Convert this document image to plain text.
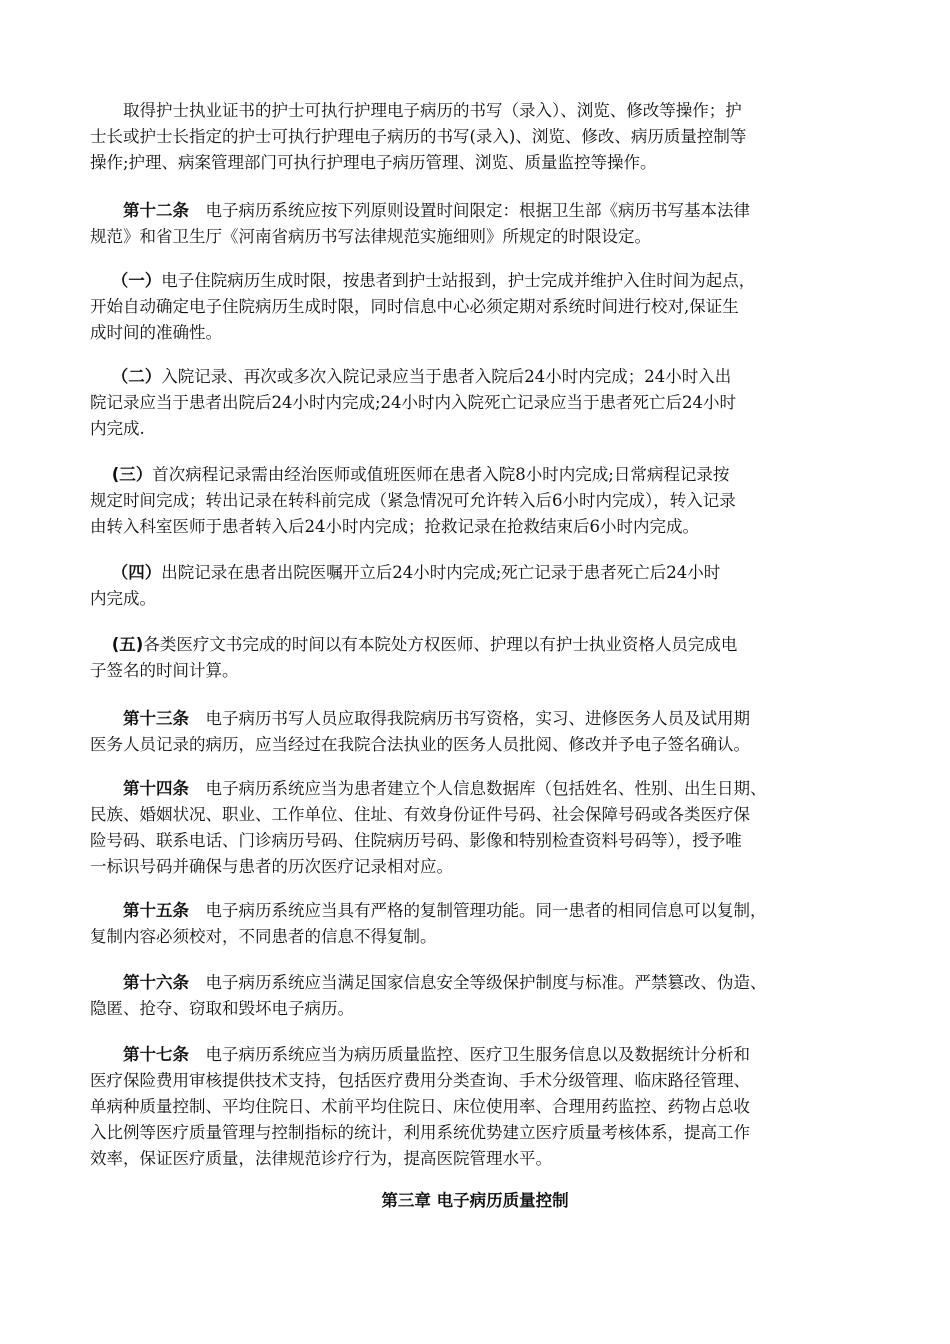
　　取得护士执业证书的护士可执行护理电子病历的书写（录入）、浏览、修改等操作；护
士长或护士长指定的护士可执行护理电子病历的书写(录入)、浏览、修改、病历质量控制等
操作;护理、病案管理部门可执行护理电子病历管理、浏览、质量监控等操作。
　　第十二条　电子病历系统应按下列原则设置时间限定：根据卫生部《病历书写基本法律
规范》和省卫生厅《河南省病历书写法律规范实施细则》所规定的时限设定。
　 （一）电子住院病历生成时限，按患者到护士站报到，护士完成并维护入住时间为起点，
开始自动确定电子住院病历生成时限，同时信息中心必须定期对系统时间进行校对,保证生
成时间的准确性。
　 （二）入院记录、再次或多次入院记录应当于患者入院后24小时内完成；24小时入出
院记录应当于患者出院后24小时内完成;24小时内入院死亡记录应当于患者死亡后24小时
内完成.
　 (三）首次病程记录需由经治医师或值班医师在患者入院8小时内完成;日常病程记录按
规定时间完成；转出记录在转科前完成（紧急情况可允许转入后6小时内完成），转入记录
由转入科室医师于患者转入后24小时内完成；抢救记录在抢救结束后6小时内完成。
　 （四）出院记录在患者出院医嘱开立后24小时内完成;死亡记录于患者死亡后24小时
内完成。
　 (五)各类医疗文书完成的时间以有本院处方权医师、护理以有护士执业资格人员完成电
子签名的时间计算。
　　第十三条　电子病历书写人员应取得我院病历书写资格，实习、进修医务人员及试用期
医务人员记录的病历，应当经过在我院合法执业的医务人员批阅、修改并予电子签名确认。
　　第十四条　电子病历系统应当为患者建立个人信息数据库（包括姓名、性别、出生日期、
民族、婚姻状况、职业、工作单位、住址、有效身份证件号码、社会保障号码或各类医疗保
险号码、联系电话、门诊病历号码、住院病历号码、影像和特别检查资料号码等），授予唯
一标识号码并确保与患者的历次医疗记录相对应。
　　第十五条　电子病历系统应当具有严格的复制管理功能。同一患者的相同信息可以复制，
复制内容必须校对，不同患者的信息不得复制。
　　第十六条　电子病历系统应当满足国家信息安全等级保护制度与标准。严禁篡改、伪造、
隐匿、抢夺、窃取和毁坏电子病历。
　　第十七条　电子病历系统应当为病历质量监控、医疗卫生服务信息以及数据统计分析和
医疗保险费用审核提供技术支持，包括医疗费用分类查询、手术分级管理、临床路径管理、
单病种质量控制、平均住院日、术前平均住院日、床位使用率、合理用药监控、药物占总收
入比例等医疗质量管理与控制指标的统计，利用系统优势建立医疗质量考核体系，提高工作
效率，保证医疗质量，法律规范诊疗行为，提高医院管理水平。
第三章 电子病历质量控制
